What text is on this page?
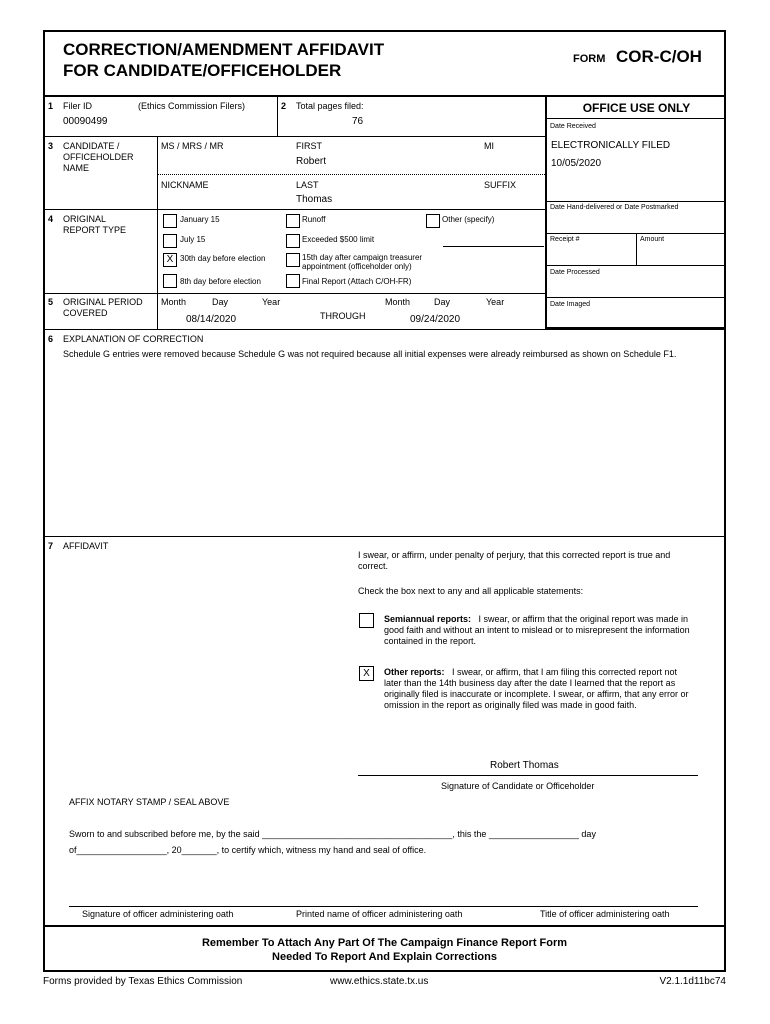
CORRECTION/AMENDMENT AFFIDAVIT
FOR CANDIDATE/OFFICEHOLDER
FORM COR-C/OH
1 Filer ID	(Ethics Commission Filers)
00090499
2 Total pages filed:
76
OFFICE USE ONLY
Date Received
ELECTRONICALLY FILED
10/05/2020
Date Hand-delivered or Date Postmarked
Receipt #	Amount
Date Processed
Date Imaged
3 CANDIDATE / OFFICEHOLDER NAME
MS / MRS / MR	FIRST
Robert
MI
NICKNAME	LAST
Thomas
SUFFIX
4 ORIGINAL REPORT TYPE
January 15
July 15
X 30th day before election
8th day before election
Runoff
Exceeded $500 limit
15th day after campaign treasurer appointment (officeholder only)
Final Report (Attach C/OH-FR)
Other (specify)
5 ORIGINAL PERIOD COVERED
Month	Day	Year
08/14/2020	THROUGH
Month	Day	Year
09/24/2020
6 EXPLANATION OF CORRECTION
Schedule G entries were removed because Schedule G was not required because all initial expenses were already reimbursed as shown on Schedule F1.
7 AFFIDAVIT
I swear, or affirm, under penalty of perjury, that this corrected report is true and correct.
Check the box next to any and all applicable statements:
Semiannual reports: I swear, or affirm that the original report was made in good faith and without an intent to mislead or to misrepresent the information contained in the report.
X	Other reports: I swear, or affirm, that I am filing this corrected report not later than the 14th business day after the date I learned that the report as originally filed is inaccurate or incomplete. I swear, or affirm, that any error or omission in the report as originally filed was made in good faith.
Robert Thomas
Signature of Candidate or Officeholder
AFFIX NOTARY STAMP / SEAL ABOVE
Sworn to and subscribed before me, by the said ______________________________________, this the __________________ day
of__________________, 20_______, to certify which, witness my hand and seal of office.
Signature of officer administering oath	Printed name of officer administering oath	Title of officer administering oath
Remember To Attach Any Part Of The Campaign Finance Report Form
Needed To Report And Explain Corrections
Forms provided by Texas Ethics Commission	www.ethics.state.tx.us	V2.1.1d11bc74
